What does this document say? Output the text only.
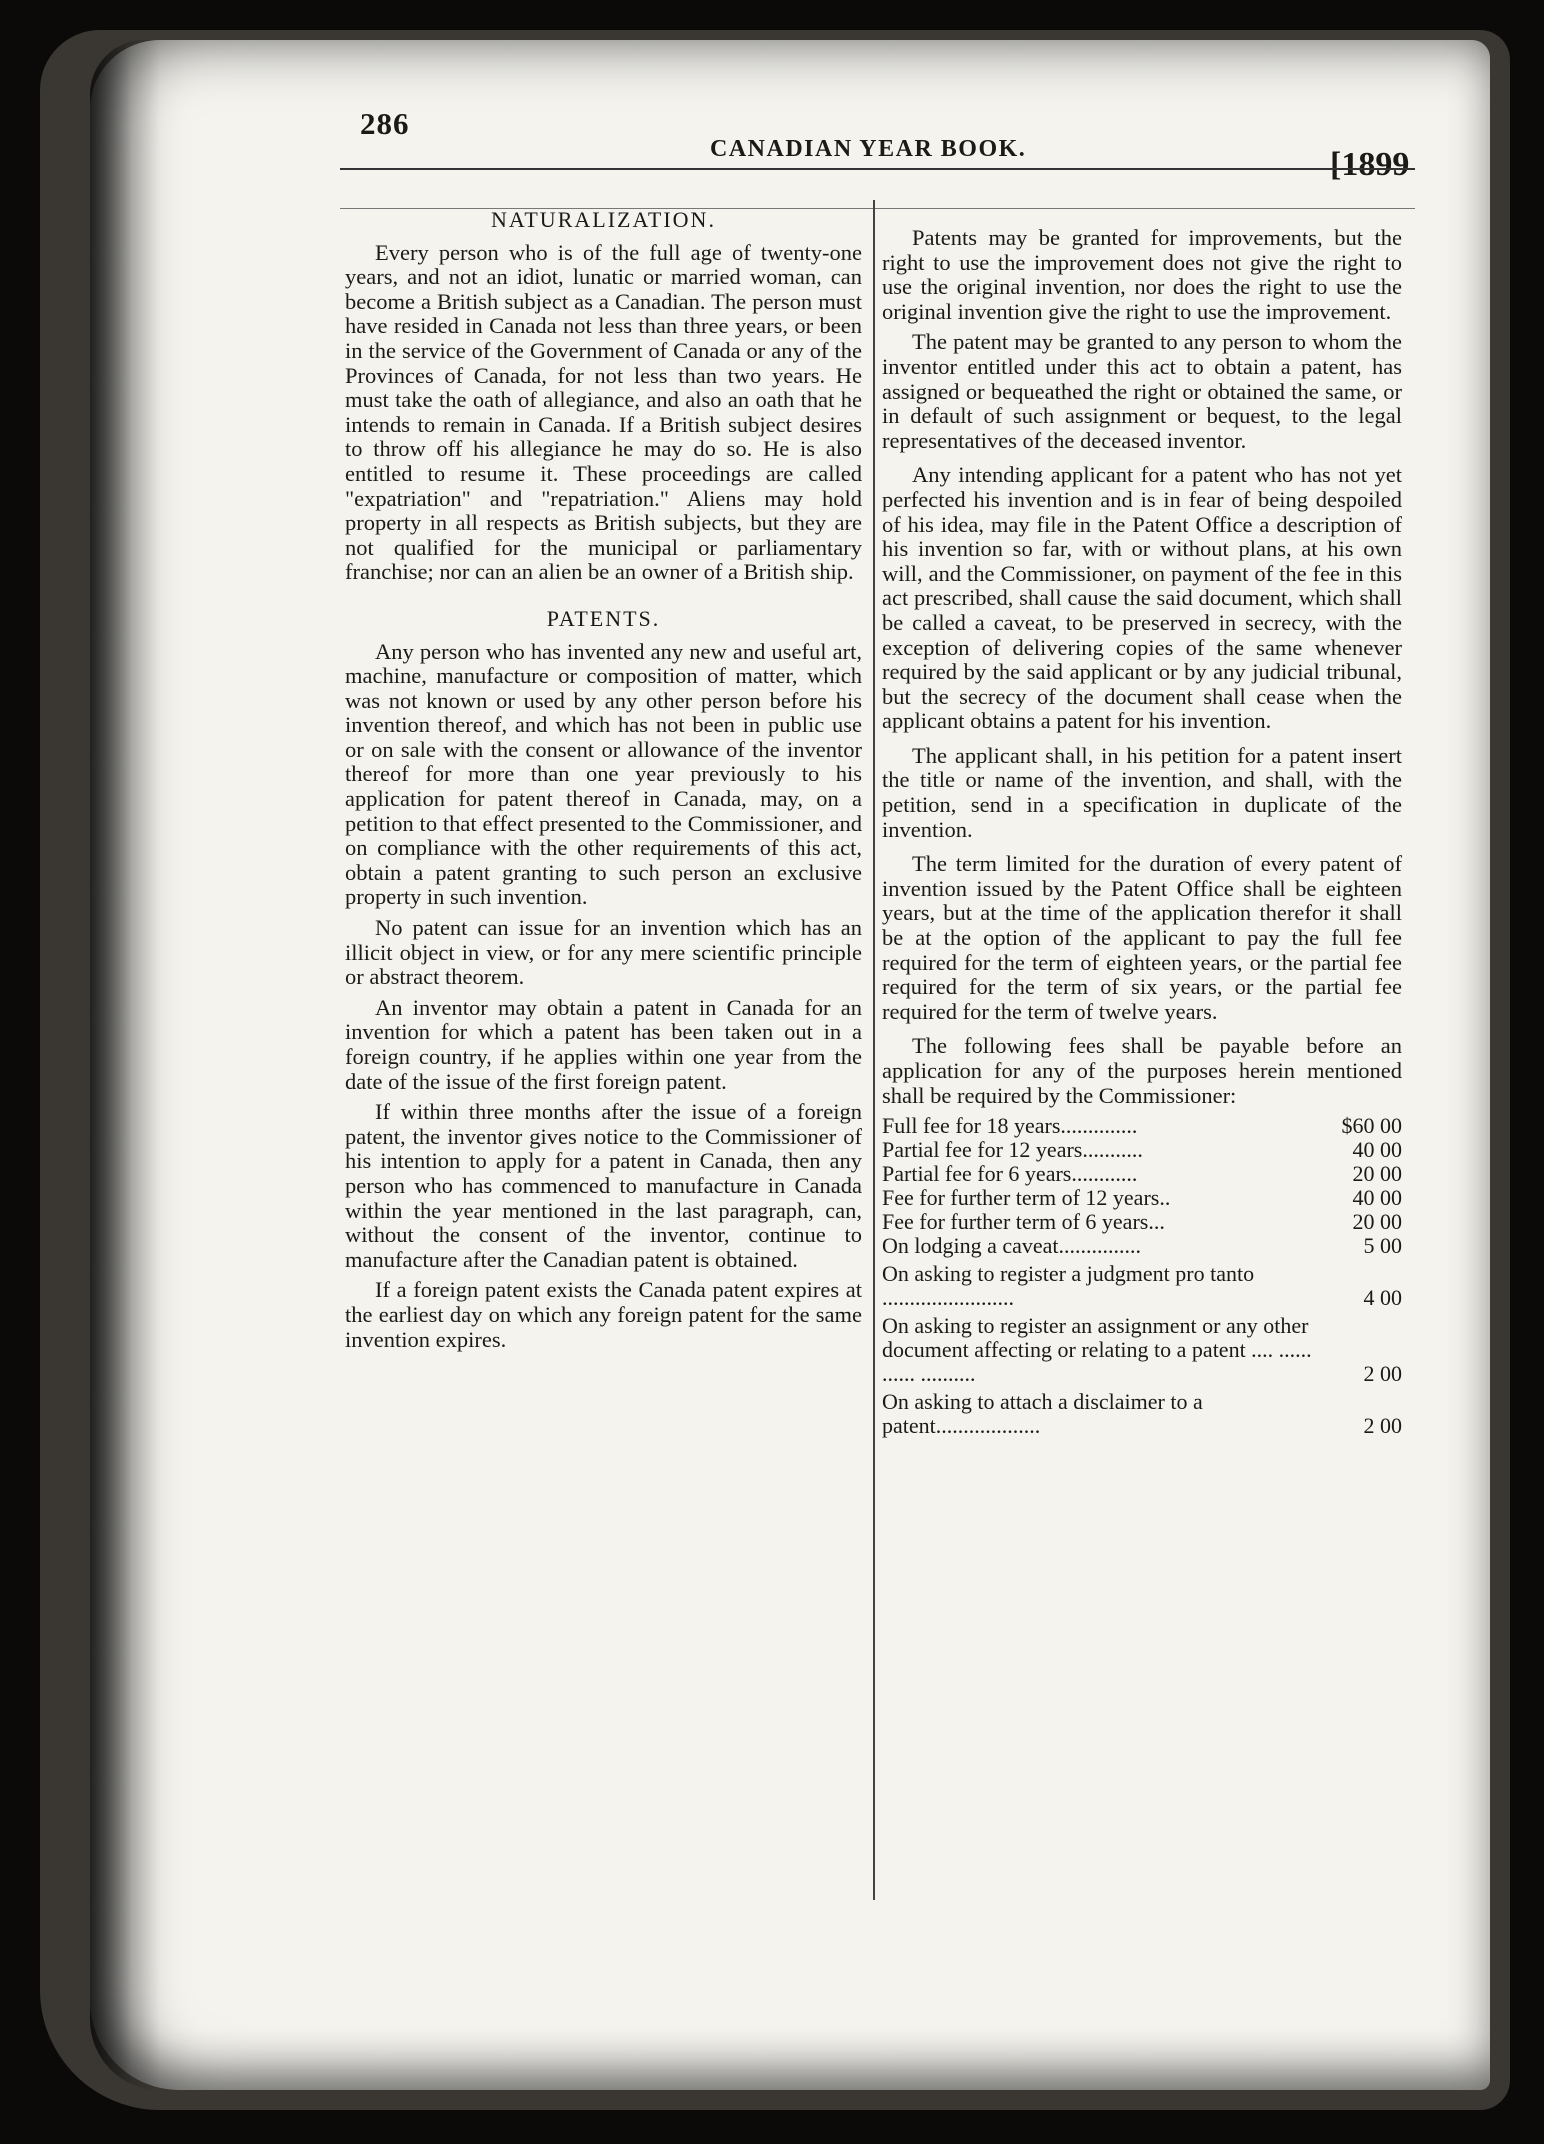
286
CANADIAN YEAR BOOK.	[1899
NATURALIZATION.

Every person who is of the full age of twenty-one years, and not an idiot, lunatic or married woman, can become a British subject as a Canadian. The person must have resided in Canada not less than three years, or been in the service of the Government of Canada or any of the Provinces of Canada, for not less than two years. He must take the oath of allegiance, and also an oath that he intends to remain in Canada. If a British subject desires to throw off his allegiance he may do so. He is also entitled to resume it. These proceedings are called "expatriation" and "repatriation." Aliens may hold property in all respects as British subjects, but they are not qualified for the municipal or parliamentary franchise; nor can an alien be an owner of a British ship.

PATENTS.

Any person who has invented any new and useful art, machine, manufacture or composition of matter, which was not known or used by any other person before his invention thereof, and which has not been in public use or on sale with the consent or allowance of the inventor thereof for more than one year previously to his application for patent thereof in Canada, may, on a petition to that effect presented to the Commissioner, and on compliance with the other requirements of this act, obtain a patent granting to such person an exclusive property in such invention.

No patent can issue for an invention which has an illicit object in view, or for any mere scientific principle or abstract theorem.

An inventor may obtain a patent in Canada for an invention for which a patent has been taken out in a foreign country, if he applies within one year from the date of the issue of the first foreign patent.

If within three months after the issue of a foreign patent, the inventor gives notice to the Commissioner of his intention to apply for a patent in Canada, then any person who has commenced to manufacture in Canada within the year mentioned in the last paragraph, can, without the consent of the inventor, continue to manufacture after the Canadian patent is obtained.

If a foreign patent exists the Canada patent expires at the earliest day on which any foreign patent for the same invention expires.

Patents may be granted for improvements, but the right to use the improvement does not give the right to use the original invention, nor does the right to use the original invention give the right to use the improvement.

The patent may be granted to any person to whom the inventor entitled under this act to obtain a patent, has assigned or bequeathed the right or obtained the same, or in default of such assignment or bequest, to the legal representatives of the deceased inventor.

Any intending applicant for a patent who has not yet perfected his invention and is in fear of being despoiled of his idea, may file in the Patent Office a description of his invention so far, with or without plans, at his own will, and the Commissioner, on payment of the fee in this act prescribed, shall cause the said document, which shall be called a caveat, to be preserved in secrecy, with the exception of delivering copies of the same whenever required by the said applicant or by any judicial tribunal, but the secrecy of the document shall cease when the applicant obtains a patent for his invention.

The applicant shall, in his petition for a patent insert the title or name of the invention, and shall, with the petition, send in a specification in duplicate of the invention.

The term limited for the duration of every patent of invention issued by the Patent Office shall be eighteen years, but at the time of the application therefor it shall be at the option of the applicant to pay the full fee required for the term of eighteen years, or the partial fee required for the term of six years, or the partial fee required for the term of twelve years.

The following fees shall be payable before an application for any of the purposes herein mentioned shall be required by the Commissioner:

Full fee for 18 years..............	$60 00
Partial fee for 12 years...........	40 00
Partial fee for 6 years............	20 00
Fee for further term of 12 years..	40 00
Fee for further term of 6 years...	20 00
On lodging a caveat...............	5 00
On asking to register a judgment pro tanto ........................	4 00
On asking to register an assignment or any other document affecting or relating to a patent .... ...... ...... ..........	2 00
On asking to attach a disclaimer to a patent...................	2 00
